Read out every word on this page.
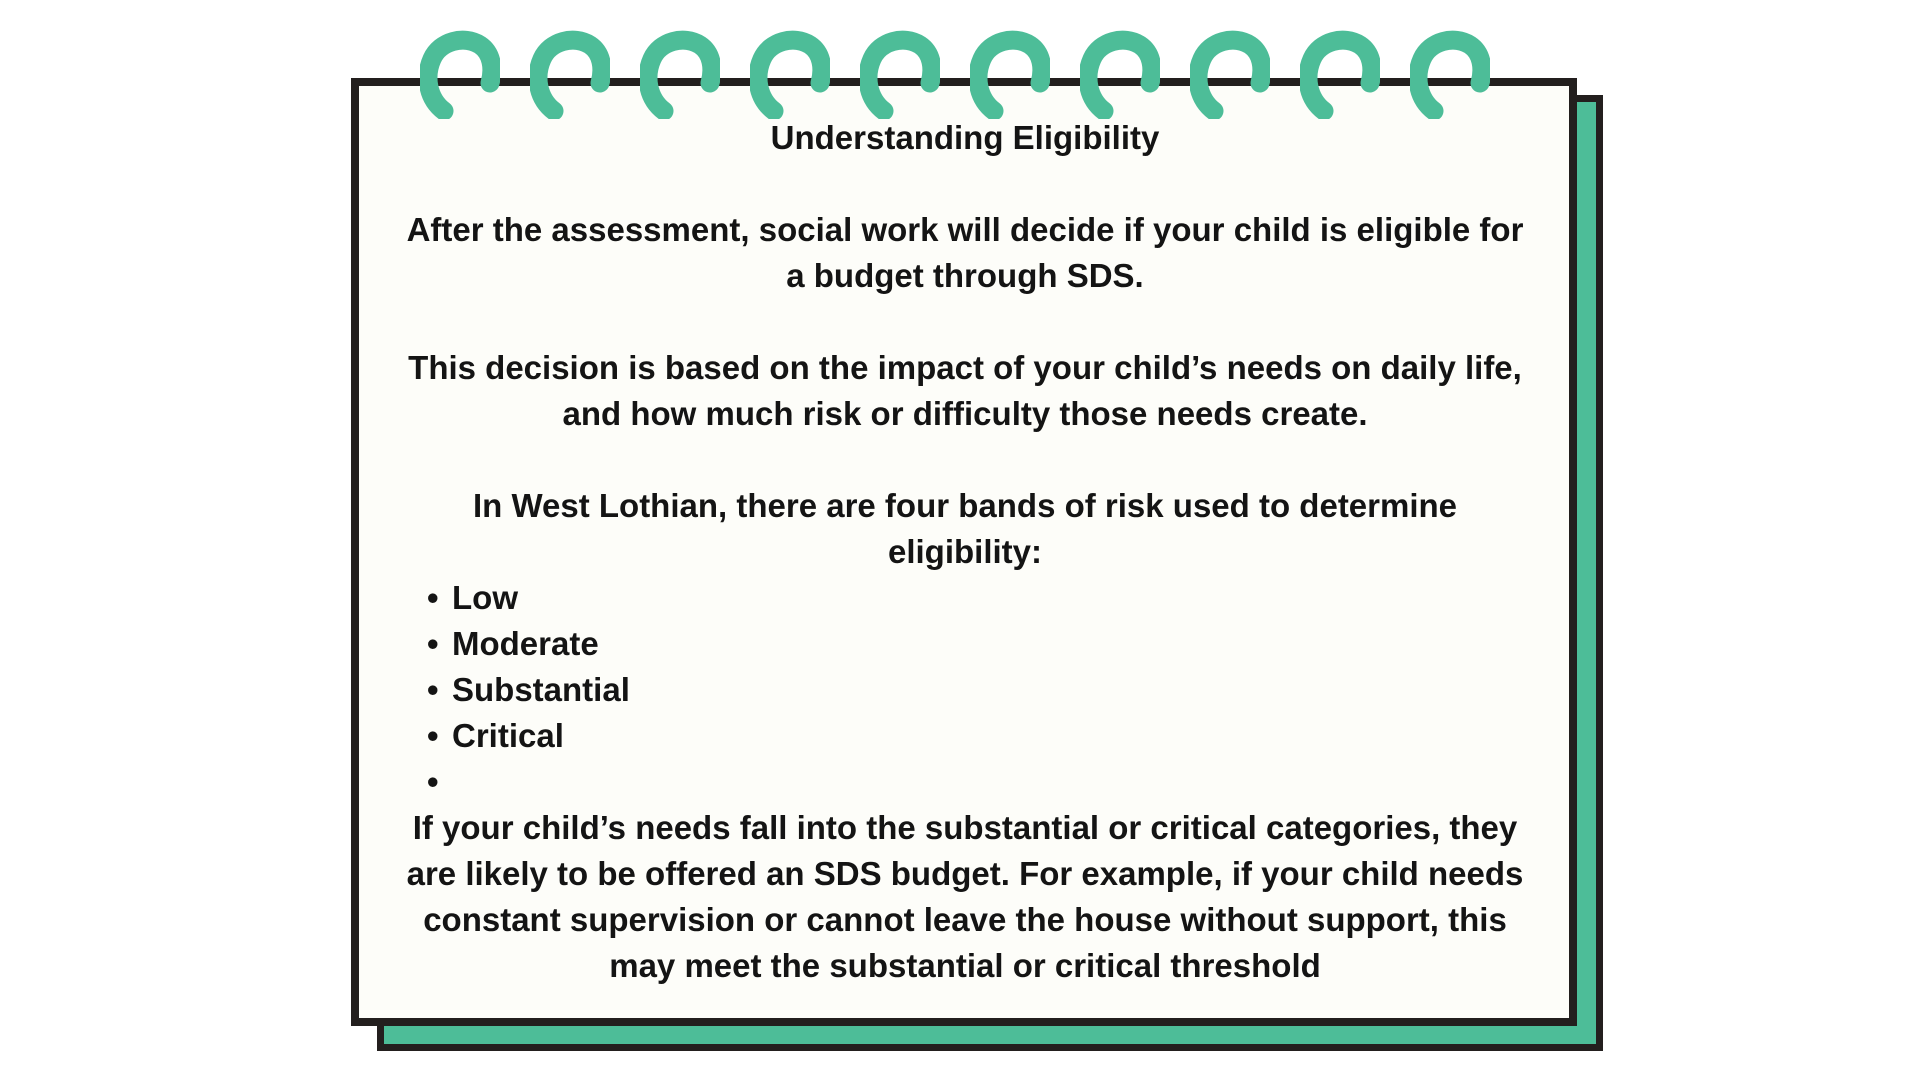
Understanding Eligibility

After the assessment, social work will decide if your child is eligible for a budget through SDS.

This decision is based on the impact of your child’s needs on daily life, and how much risk or difficulty those needs create.

In West Lothian, there are four bands of risk used to determine eligibility:

• Low
• Moderate
• Substantial
• Critical
•

If your child’s needs fall into the substantial or critical categories, they are likely to be offered an SDS budget. For example, if your child needs constant supervision or cannot leave the house without support, this may meet the substantial or critical threshold
